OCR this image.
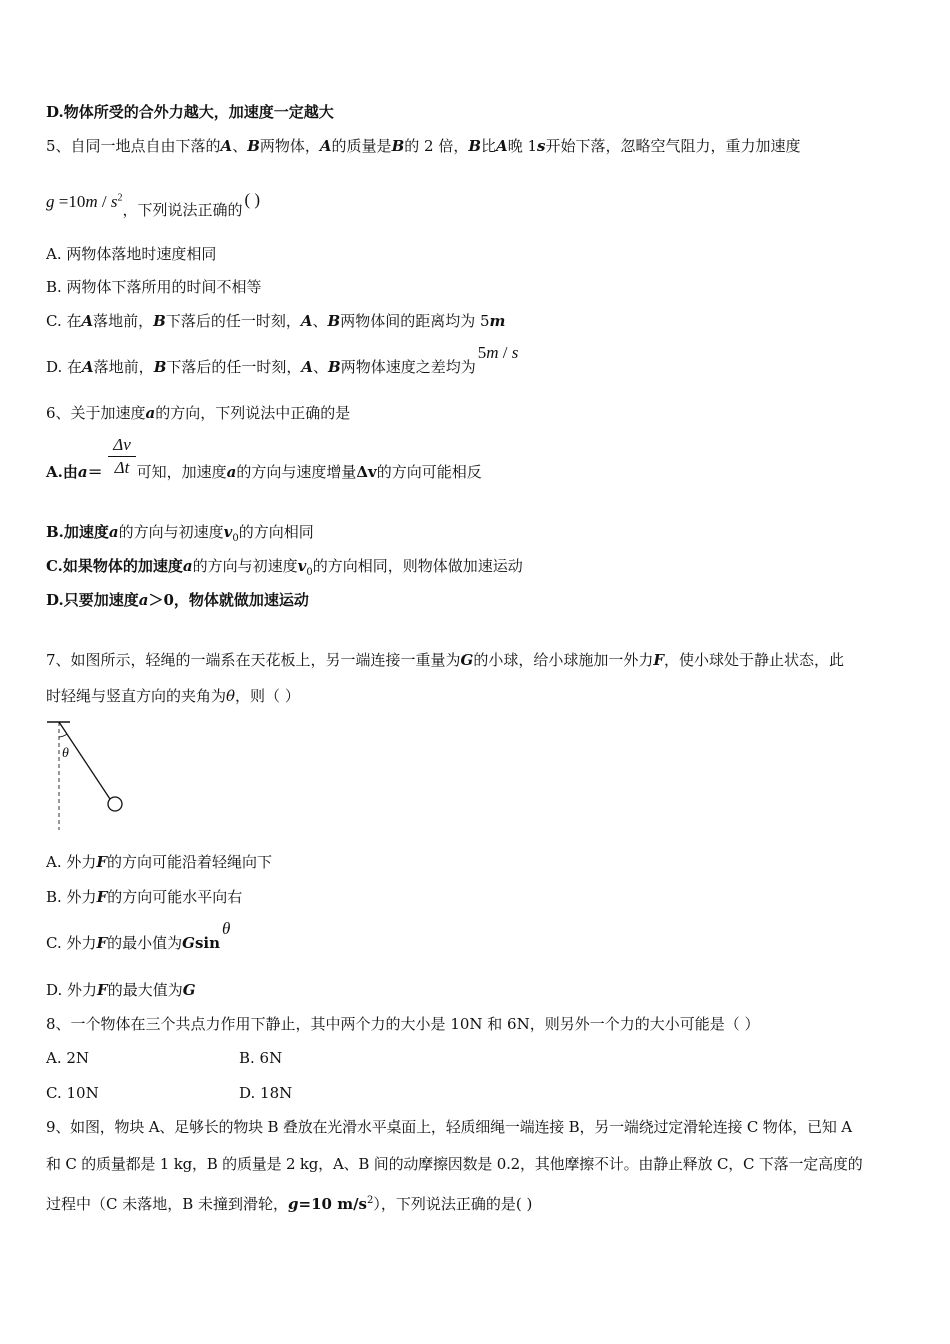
D.物体所受的合外力越大，加速度一定越大
5、自同一地点自由下落的A、B两物体，A的质量是B的 2 倍，B比A晚 1s开始下落，忽略空气阻力，重力加速度
$g =10m / s^2$，下列说法正确的( )
A. 两物体落地时速度相同
B. 两物体下落所用的时间不相等
C. 在A落地前，B下落后的任一时刻，A、B两物体间的距离均为 5m
D. 在A落地前，B下落后的任一时刻，A、B两物体速度之差均为5m / s
6、关于加速度a的方向，下列说法中正确的是
Δv
Δt
A.由a＝ 可知，加速度a的方向与速度增量Δv的方向可能相反
B.加速度a的方向与初速度$v_0$的方向相同
C.如果物体的加速度a的方向与初速度$v_0$的方向相同，则物体做加速运动
D.只要加速度a＞0，物体就做加速运动
7、如图所示，轻绳的一端系在天花板上，另一端连接一重量为G的小球，给小球施加一外力F，使小球处于静止状态，此
时轻绳与竖直方向的夹角为θ，则（ ）
θ
A. 外力F的方向可能沿着轻绳向下
B. 外力F的方向可能水平向右
C. 外力F的最小值为Gsinθ
D. 外力F的最大值为G
8、一个物体在三个共点力作用下静止，其中两个力的大小是 10N 和 6N，则另外一个力的大小可能是（ ）
A. 2N	B. 6N
C. 10N	D. 18N
9、如图，物块 A、足够长的物块 B 叠放在光滑水平桌面上，轻质细绳一端连接 B，另一端绕过定滑轮连接 C 物体，已知 A
和 C 的质量都是 1 kg，B 的质量是 2 kg，A、B 间的动摩擦因数是 0.2，其他摩擦不计。由静止释放 C，C 下落一定高度的
过程中（C 未落地，B 未撞到滑轮，g=10 $m/s^2$），下列说法正确的是( )
